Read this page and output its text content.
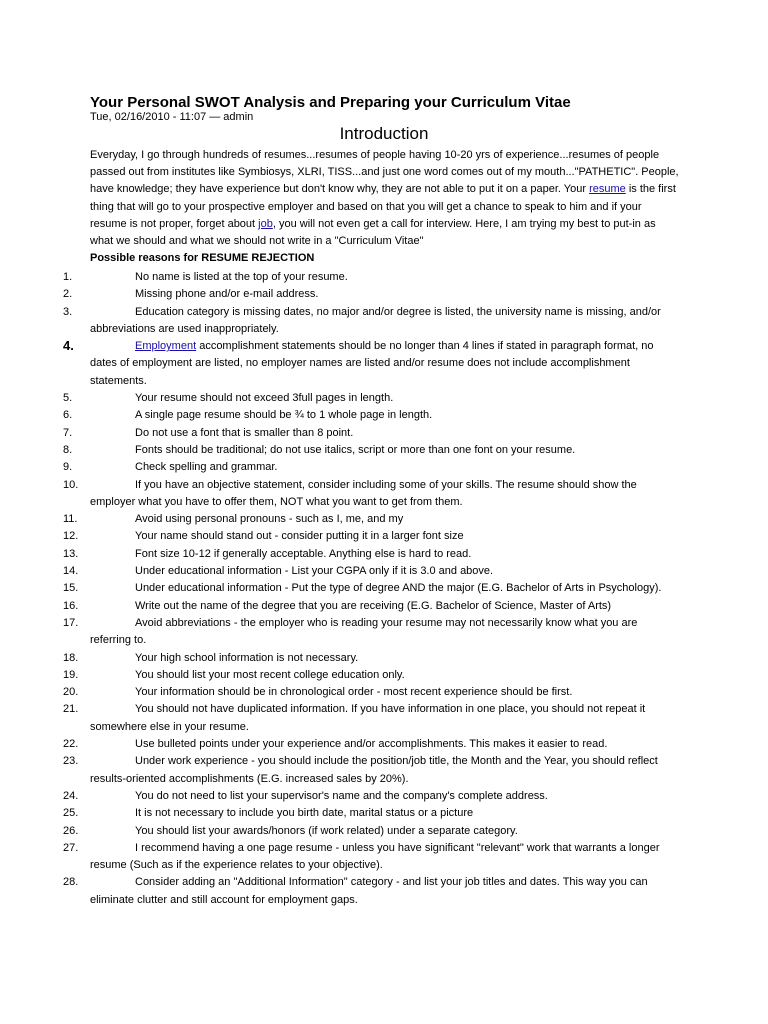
Your Personal SWOT Analysis and Preparing your Curriculum Vitae
Tue, 02/16/2010 - 11:07 — admin
Introduction

Everyday, I go through hundreds of resumes...resumes of people having 10-20 yrs of experience...resumes of people passed out from institutes like Symbiosys, XLRI, TISS...and just one word comes out of my mouth..."PATHETIC". People, have knowledge; they have experience but don't know why, they are not able to put it on a paper. Your resume is the first thing that will go to your prospective employer and based on that you will get a chance to speak to him and if your resume is not proper, forget about job, you will not even get a call for interview. Here, I am trying my best to put-in as what we should and what we should not write in a "Curriculum Vitae"

Possible reasons for RESUME REJECTION
1.	No name is listed at the top of your resume.

2.	Missing phone and/or e-mail address.

3.	Education category is missing dates, no major and/or degree is listed, the university name is missing, and/or abbreviations are used inappropriately.

4.	Employment accomplishment statements should be no longer than 4 lines if stated in paragraph format, no dates of employment are listed, no employer names are listed and/or resume does not include accomplishment statements.

5.	Your resume should not exceed 3full pages in length.

6.	A single page resume should be ¾ to 1 whole page in length.

7.	Do not use a font that is smaller than 8 point.

8.	Fonts should be traditional; do not use italics, script or more than one font on your resume.

9.	Check spelling and grammar.

10.	If you have an objective statement, consider including some of your skills. The resume should show the employer what you have to offer them, NOT what you want to get from them.

11.	Avoid using personal pronouns - such as I, me, and my

12.	Your name should stand out - consider putting it in a larger font size

13.	Font size 10-12 if generally acceptable. Anything else is hard to read.

14.	Under educational information - List your CGPA only if it is 3.0 and above.

15.	Under educational information - Put the type of degree AND the major (E.G. Bachelor of Arts in Psychology).

16.	Write out the name of the degree that you are receiving (E.G. Bachelor of Science, Master of Arts)

17.	Avoid abbreviations - the employer who is reading your resume may not necessarily know what you are referring to.

18.	Your high school information is not necessary.

19.	You should list your most recent college education only.

20.	Your information should be in chronological order - most recent experience should be first.

21.	You should not have duplicated information. If you have information in one place, you should not repeat it somewhere else in your resume.

22.	Use bulleted points under your experience and/or accomplishments. This makes it easier to read.

23.	Under work experience - you should include the position/job title, the Month and the Year, you should reflect results-oriented accomplishments (E.G. increased sales by 20%).

24.	You do not need to list your supervisor's name and the company's complete address.

25.	It is not necessary to include you birth date, marital status or a picture

26.	You should list your awards/honors (if work related) under a separate category.

27.	I recommend having a one page resume - unless you have significant "relevant" work that warrants a longer resume (Such as if the experience relates to your objective).

28.	Consider adding an "Additional Information" category - and list your job titles and dates. This way you can eliminate clutter and still account for employment gaps.
